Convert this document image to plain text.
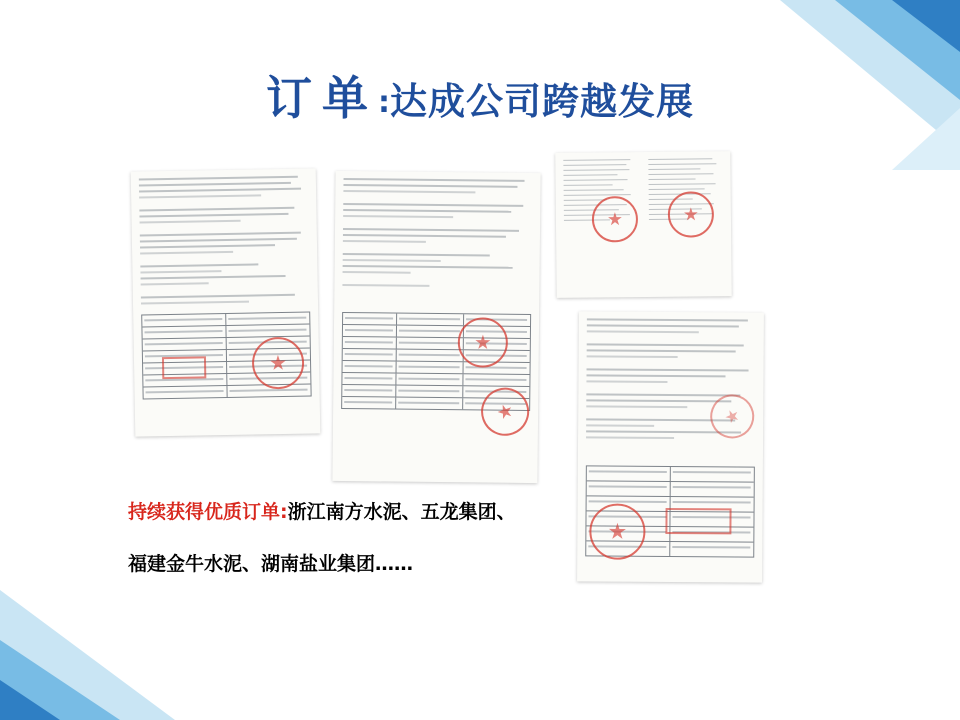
订单:达成公司跨越发展
持续获得优质订单:浙江南方水泥、五龙集团、
福建金牛水泥、湖南盐业集团……
